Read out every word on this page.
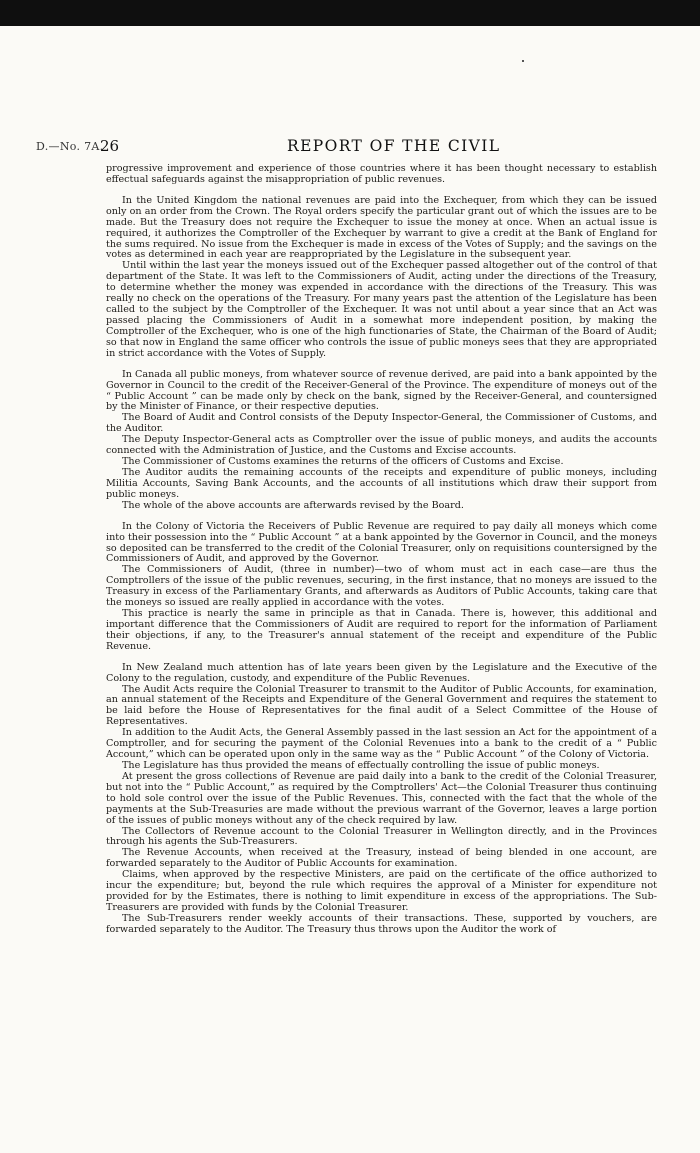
D.—No. 7A.
26	REPORT OF THE CIVIL

progressive improvement and experience of those countries where it has been thought necessary to establish effectual safeguards against the misappropriation of public revenues.

In the United Kingdom the national revenues are paid into the Exchequer, from which they can be issued only on an order from the Crown. The Royal orders specify the particular grant out of which the issues are to be made. But the Treasury does not require the Exchequer to issue the money at once. When an actual issue is required, it authorizes the Comptroller of the Exchequer by warrant to give a credit at the Bank of England for the sums required. No issue from the Exchequer is made in excess of the Votes of Supply; and the savings on the votes as determined in each year are reappropriated by the Legislature in the subsequent year.

Until within the last year the moneys issued out of the Exchequer passed altogether out of the control of that department of the State. It was left to the Commissioners of Audit, acting under the directions of the Treasury, to determine whether the money was expended in accordance with the directions of the Treasury. This was really no check on the operations of the Treasury. For many years past the attention of the Legislature has been called to the subject by the Comptroller of the Exchequer. It was not until about a year since that an Act was passed placing the Commissioners of Audit in a somewhat more independent position, by making the Comptroller of the Exchequer, who is one of the high functionaries of State, the Chairman of the Board of Audit; so that now in England the same officer who controls the issue of public moneys sees that they are appropriated in strict accordance with the Votes of Supply.

In Canada all public moneys, from whatever source of revenue derived, are paid into a bank appointed by the Governor in Council to the credit of the Receiver-General of the Province. The expenditure of moneys out of the “ Public Account ” can be made only by check on the bank, signed by the Receiver-General, and countersigned by the Minister of Finance, or their respective deputies.

The Board of Audit and Control consists of the Deputy Inspector-General, the Commissioner of Customs, and the Auditor.

The Deputy Inspector-General acts as Comptroller over the issue of public moneys, and audits the accounts connected with the Administration of Justice, and the Customs and Excise accounts.

The Commissioner of Customs examines the returns of the officers of Customs and Excise.

The Auditor audits the remaining accounts of the receipts and expenditure of public moneys, including Militia Accounts, Saving Bank Accounts, and the accounts of all institutions which draw their support from public moneys.

The whole of the above accounts are afterwards revised by the Board.

In the Colony of Victoria the Receivers of Public Revenue are required to pay daily all moneys which come into their possession into the “ Public Account ” at a bank appointed by the Governor in Council, and the moneys so deposited can be transferred to the credit of the Colonial Treasurer, only on requisitions countersigned by the Commissioners of Audit, and approved by the Governor.

The Commissioners of Audit, (three in number)—two of whom must act in each case—are thus the Comptrollers of the issue of the public revenues, securing, in the first instance, that no moneys are issued to the Treasury in excess of the Parliamentary Grants, and afterwards as Auditors of Public Accounts, taking care that the moneys so issued are really applied in accordance with the votes.

This practice is nearly the same in principle as that in Canada. There is, however, this additional and important difference that the Commissioners of Audit are required to report for the information of Parliament their objections, if any, to the Treasurer's annual statement of the receipt and expenditure of the Public Revenue.

In New Zealand much attention has of late years been given by the Legislature and the Executive of the Colony to the regulation, custody, and expenditure of the Public Revenues.

The Audit Acts require the Colonial Treasurer to transmit to the Auditor of Public Accounts, for examination, an annual statement of the Receipts and Expenditure of the General Government and requires the statement to be laid before the House of Representatives for the final audit of a Select Committee of the House of Representatives.

In addition to the Audit Acts, the General Assembly passed in the last session an Act for the appointment of a Comptroller, and for securing the payment of the Colonial Revenues into a bank to the credit of a “ Public Account,” which can be operated upon only in the same way as the “ Public Account ” of the Colony of Victoria.

The Legislature has thus provided the means of effectually controlling the issue of public moneys.

At present the gross collections of Revenue are paid daily into a bank to the credit of the Colonial Treasurer, but not into the “ Public Account,” as required by the Comptrollers' Act—the Colonial Treasurer thus continuing to hold sole control over the issue of the Public Revenues. This, connected with the fact that the whole of the payments at the Sub-Treasuries are made without the previous warrant of the Governor, leaves a large portion of the issues of public moneys without any of the check required by law.

The Collectors of Revenue account to the Colonial Treasurer in Wellington directly, and in the Provinces through his agents the Sub-Treasurers.

The Revenue Accounts, when received at the Treasury, instead of being blended in one account, are forwarded separately to the Auditor of Public Accounts for examination.

Claims, when approved by the respective Ministers, are paid on the certificate of the office authorized to incur the expenditure; but, beyond the rule which requires the approval of a Minister for expenditure not provided for by the Estimates, there is nothing to limit expenditure in excess of the appropriations. The Sub-Treasurers are provided with funds by the Colonial Treasurer.

The Sub-Treasurers render weekly accounts of their transactions. These, supported by vouchers, are forwarded separately to the Auditor. The Treasury thus throws upon the Auditor the work of
